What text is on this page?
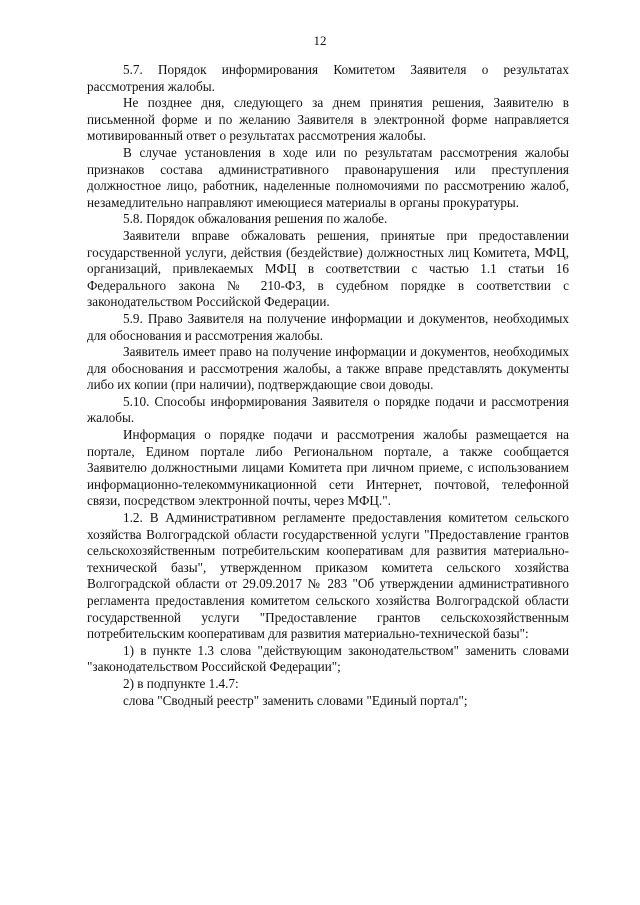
12

5.7. Порядок информирования Комитетом Заявителя о результатах рассмотрения жалобы.

Не позднее дня, следующего за днем принятия решения, Заявителю в письменной форме и по желанию Заявителя в электронной форме направляется мотивированный ответ о результатах рассмотрения жалобы.

В случае установления в ходе или по результатам рассмотрения жалобы признаков состава административного правонарушения или преступления должностное лицо, работник, наделенные полномочиями по рассмотрению жалоб, незамедлительно направляют имеющиеся материалы в органы прокуратуры.

5.8. Порядок обжалования решения по жалобе.

Заявители вправе обжаловать решения, принятые при предоставлении государственной услуги, действия (бездействие) должностных лиц Комитета, МФЦ, организаций, привлекаемых МФЦ в соответствии с частью 1.1 статьи 16 Федерального закона № 210-ФЗ, в судебном порядке в соответствии с законодательством Российской Федерации.

5.9. Право Заявителя на получение информации и документов, необходимых для обоснования и рассмотрения жалобы.

Заявитель имеет право на получение информации и документов, необходимых для обоснования и рассмотрения жалобы, а также вправе представлять документы либо их копии (при наличии), подтверждающие свои доводы.

5.10. Способы информирования Заявителя о порядке подачи и рассмотрения жалобы.

Информация о порядке подачи и рассмотрения жалобы размещается на портале, Едином портале либо Региональном портале, а также сообщается Заявителю должностными лицами Комитета при личном приеме, с использованием информационно-телекоммуникационной сети Интернет, почтовой, телефонной связи, посредством электронной почты, через МФЦ.".

1.2. В Административном регламенте предоставления комитетом сельского хозяйства Волгоградской области государственной услуги "Предоставление грантов сельскохозяйственным потребительским кооперативам для развития материально-технической базы", утвержденном приказом комитета сельского хозяйства Волгоградской области от 29.09.2017 № 283 "Об утверждении административного регламента предоставления комитетом сельского хозяйства Волгоградской области государственной услуги "Предоставление грантов сельскохозяйственным потребительским кооперативам для развития материально-технической базы":

1) в пункте 1.3 слова "действующим законодательством" заменить словами "законодательством Российской Федерации";

2) в подпункте 1.4.7:

слова "Сводный реестр" заменить словами "Единый портал";
